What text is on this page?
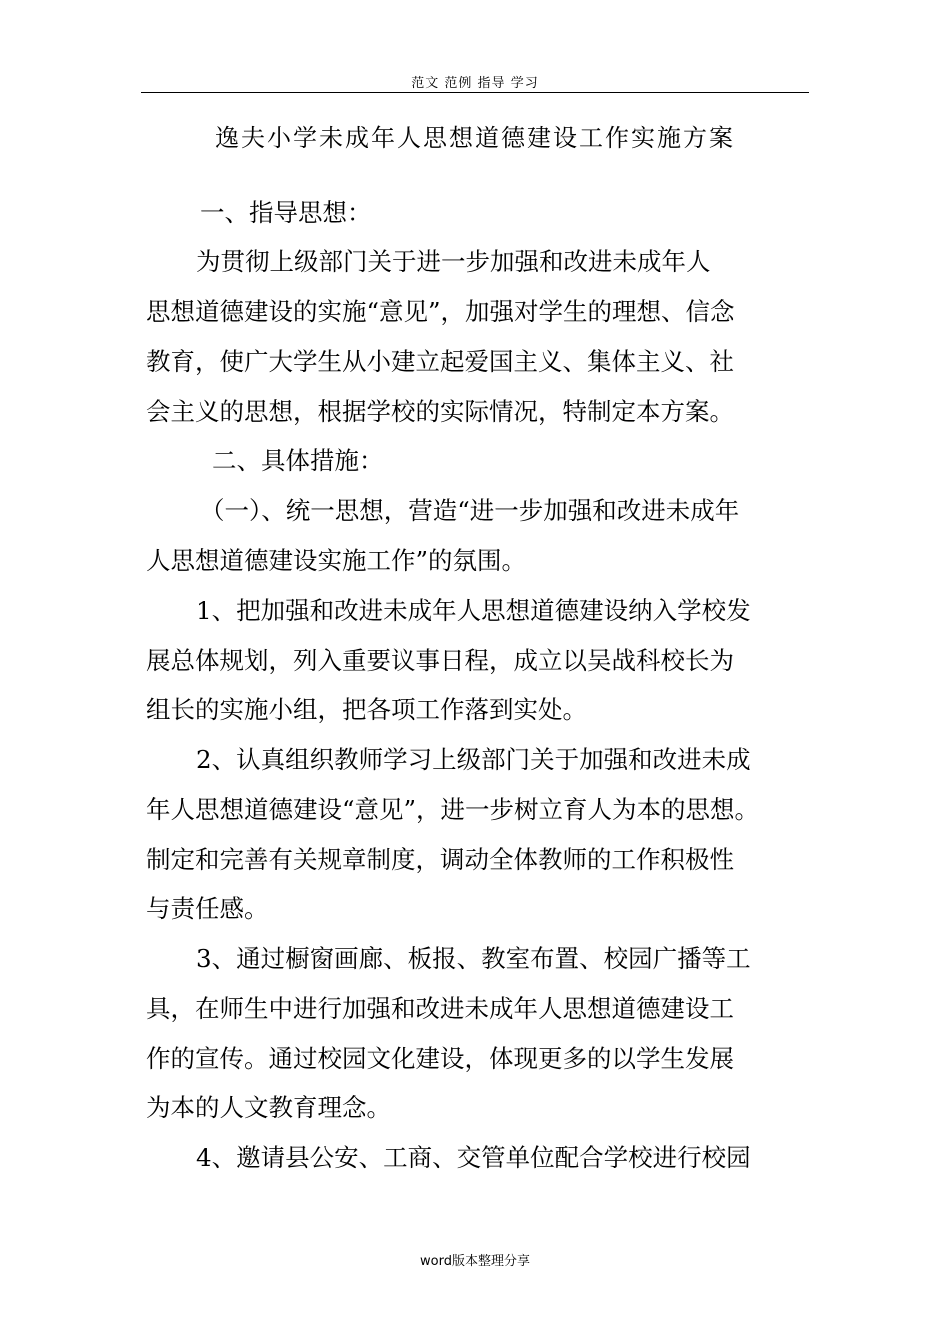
范文 范例 指导 学习
逸夫小学未成年人思想道德建设工作实施方案
一、指导思想：
为贯彻上级部门关于进一步加强和改进未成年人
思想道德建设的实施“意见”，加强对学生的理想、信念
教育，使广大学生从小建立起爱国主义、集体主义、社
会主义的思想，根据学校的实际情况，特制定本方案。
二、具体措施：
（一）、统一思想，营造“进一步加强和改进未成年
人思想道德建设实施工作”的氛围。
1、把加强和改进未成年人思想道德建设纳入学校发
展总体规划，列入重要议事日程，成立以吴战科校长为
组长的实施小组，把各项工作落到实处。
2、认真组织教师学习上级部门关于加强和改进未成
年人思想道德建设“意见”，进一步树立育人为本的思想。
制定和完善有关规章制度，调动全体教师的工作积极性
与责任感。
3、通过橱窗画廊、板报、教室布置、校园广播等工
具，在师生中进行加强和改进未成年人思想道德建设工
作的宣传。通过校园文化建设，体现更多的以学生发展
为本的人文教育理念。
4、邀请县公安、工商、交管单位配合学校进行校园
word版本整理分享
